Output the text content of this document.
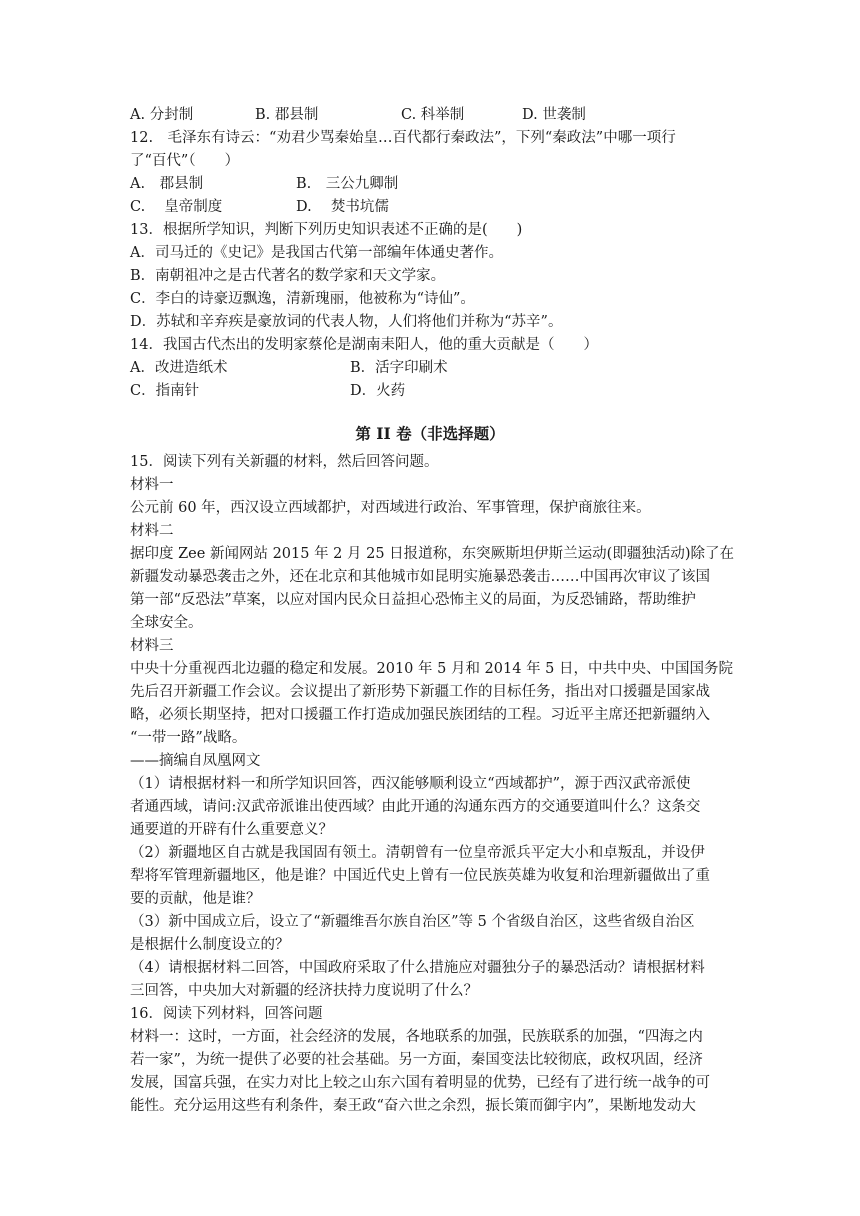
A. 分封制	B. 郡县制	C. 科举制	D. 世袭制
12.　毛泽东有诗云：“劝君少骂秦始皇…百代都行秦政法”，下列“秦政法”中哪一项行
了“百代”（　　）
A.　郡县制	B.　三公九卿制
C.　 皇帝制度	D.　 焚书坑儒
13．根据所学知识，判断下列历史知识表述不正确的是(　　)
A．司马迁的《史记》是我国古代第一部编年体通史著作。
B．南朝祖冲之是古代著名的数学家和天文学家。
C．李白的诗豪迈飘逸，清新瑰丽，他被称为“诗仙”。
D．苏轼和辛弃疾是豪放词的代表人物，人们将他们并称为“苏辛”。
14．我国古代杰出的发明家蔡伦是湖南耒阳人，他的重大贡献是（　　）
A．改进造纸术	B．活字印刷术
C．指南针	D．火药
第 II 卷（非选择题）
15．阅读下列有关新疆的材料，然后回答问题。
材料一
公元前 60 年，西汉设立西域都护，对西域进行政治、军事管理，保护商旅往来。
材料二
据印度 Zee 新闻网站 2015 年 2 月 25 日报道称，东突厥斯坦伊斯兰运动(即疆独活动)除了在
新疆发动暴恐袭击之外，还在北京和其他城市如昆明实施暴恐袭击……中国再次审议了该国
第一部“反恐法”草案，以应对国内民众日益担心恐怖主义的局面，为反恐铺路，帮助维护
全球安全。
材料三
中央十分重视西北边疆的稳定和发展。2010 年 5 月和 2014 年 5 日，中共中央、中国国务院
先后召开新疆工作会议。会议提出了新形势下新疆工作的目标任务，指出对口援疆是国家战
略，必须长期坚持，把对口援疆工作打造成加强民族团结的工程。习近平主席还把新疆纳入
“一带一路”战略。
——摘编自凤凰网文
（1）请根据材料一和所学知识回答，西汉能够顺利设立“西域都护”，源于西汉武帝派使
者通西域，请问:汉武帝派谁出使西域？由此开通的沟通东西方的交通要道叫什么？这条交
通要道的开辟有什么重要意义？
（2）新疆地区自古就是我国固有领土。清朝曾有一位皇帝派兵平定大小和卓叛乱，并设伊
犁将军管理新疆地区，他是谁？中国近代史上曾有一位民族英雄为收复和治理新疆做出了重
要的贡献，他是谁？
（3）新中国成立后，设立了“新疆维吾尔族自治区”等 5 个省级自治区，这些省级自治区
是根据什么制度设立的？
（4）请根据材料二回答，中国政府采取了什么措施应对疆独分子的暴恐活动？请根据材料
三回答，中央加大对新疆的经济扶持力度说明了什么？
16．阅读下列材料，回答问题
材料一：这时，一方面，社会经济的发展，各地联系的加强，民族联系的加强，“四海之内
若一家”，为统一提供了必要的社会基础。另一方面，秦国变法比较彻底，政权巩固，经济
发展，国富兵强，在实力对比上较之山东六国有着明显的优势，已经有了进行统一战争的可
能性。充分运用这些有利条件，秦王政“奋六世之余烈，振长策而御宇内”，果断地发动大
